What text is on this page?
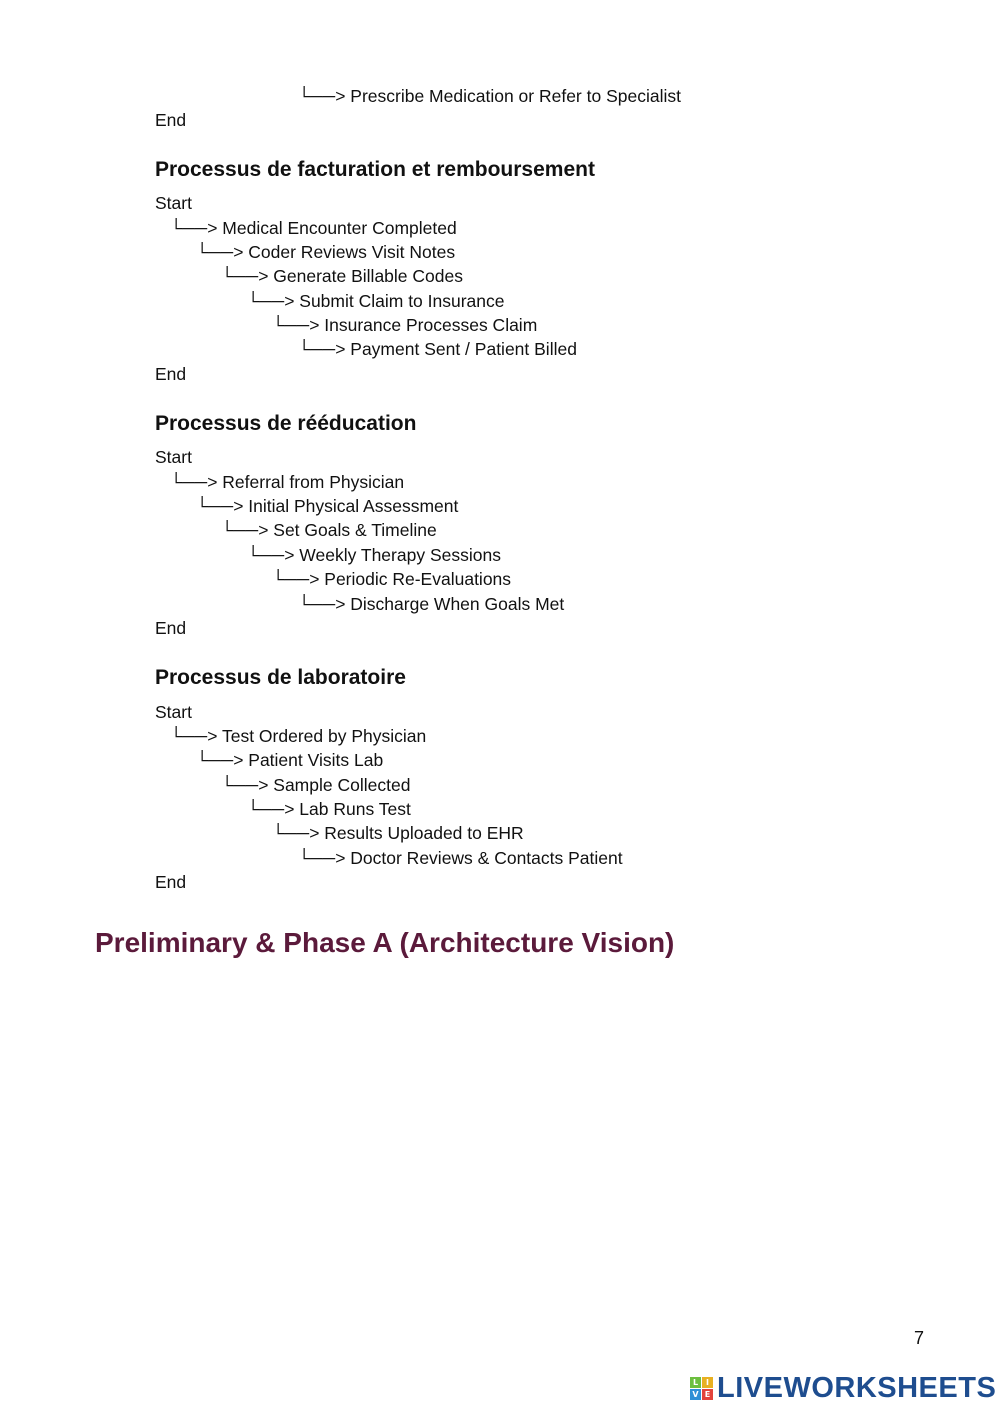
└──> Prescribe Medication or Refer to Specialist
End
Processus de facturation et remboursement
Start
└──> Medical Encounter Completed
└──> Coder Reviews Visit Notes
└──> Generate Billable Codes
└──> Submit Claim to Insurance
└──> Insurance Processes Claim
└──> Payment Sent / Patient Billed
End
Processus de rééducation
Start
└──> Referral from Physician
└──> Initial Physical Assessment
└──> Set Goals & Timeline
└──> Weekly Therapy Sessions
└──> Periodic Re-Evaluations
└──> Discharge When Goals Met
End
Processus de laboratoire
Start
└──> Test Ordered by Physician
└──> Patient Visits Lab
└──> Sample Collected
└──> Lab Runs Test
└──> Results Uploaded to EHR
└──> Doctor Reviews & Contacts Patient
End
Preliminary & Phase A (Architecture Vision)
7
L I
V E LIVEWORKSHEETS
